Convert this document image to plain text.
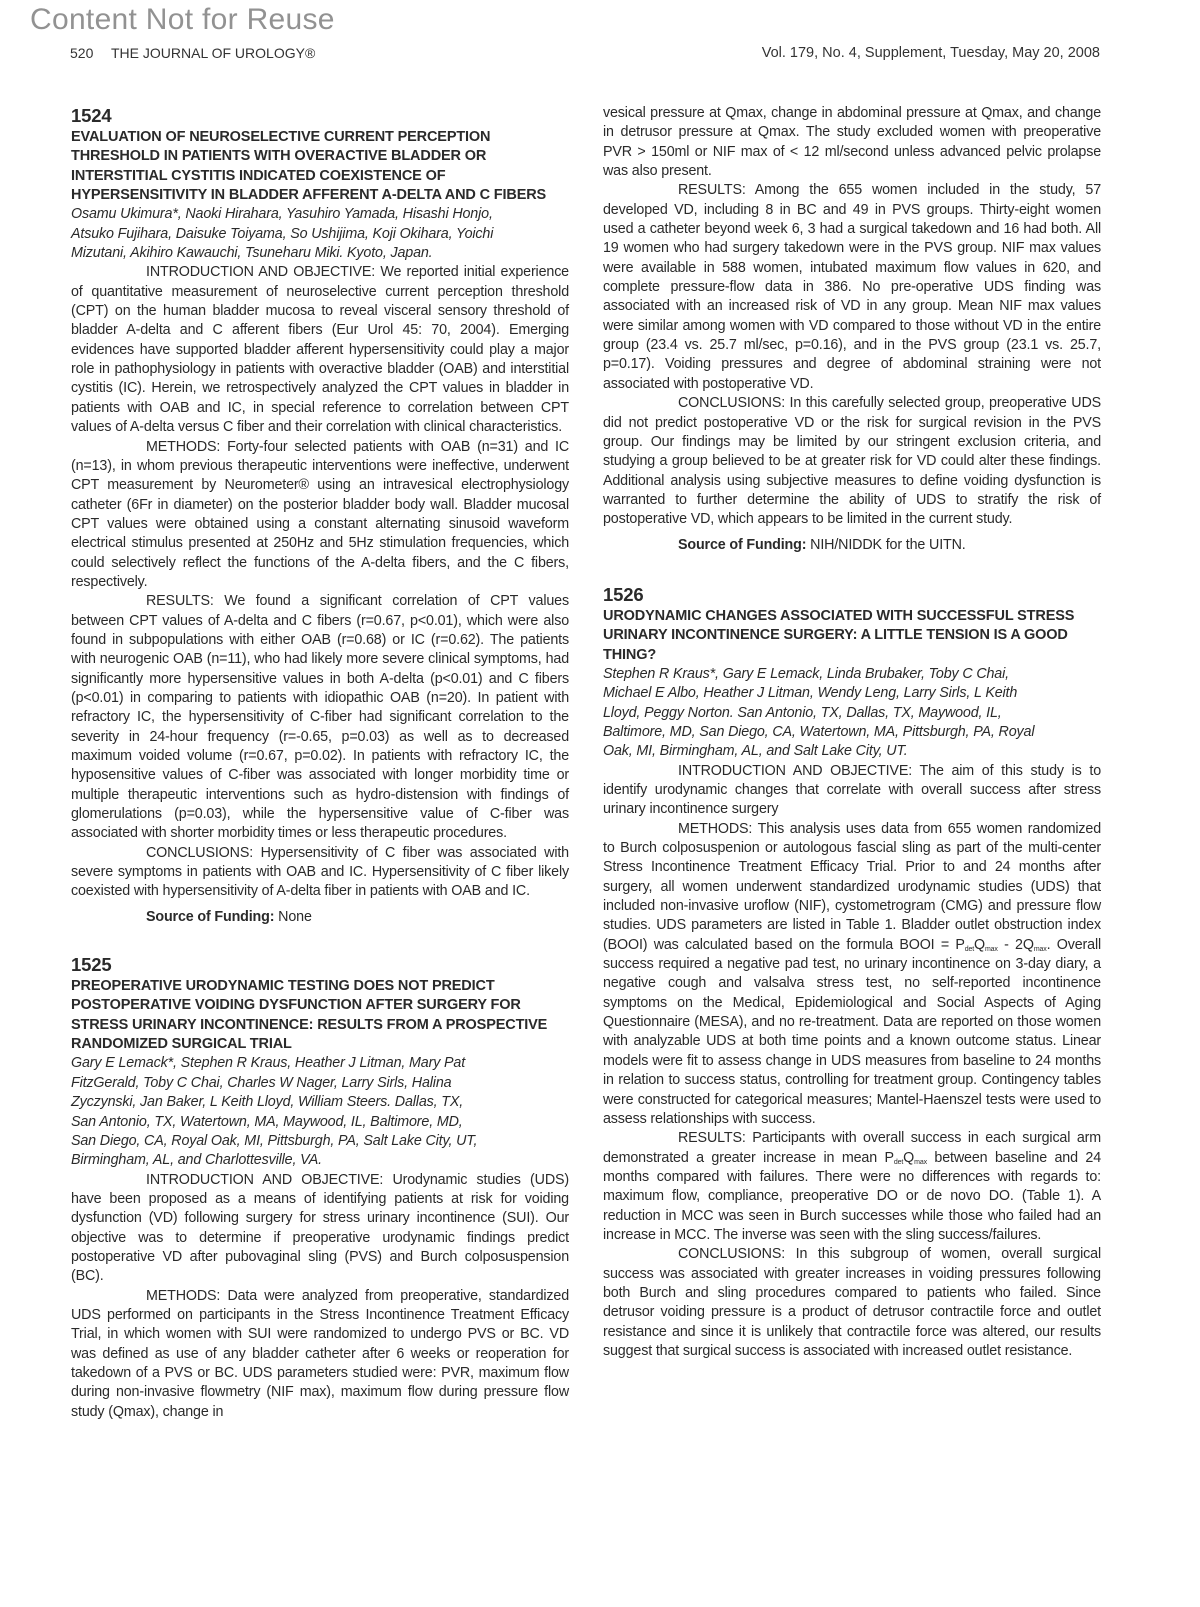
Content Not for Reuse
520 THE JOURNAL OF UROLOGY®	Vol. 179, No. 4, Supplement, Tuesday, May 20, 2008
1524
EVALUATION OF NEUROSELECTIVE CURRENT PERCEPTION THRESHOLD IN PATIENTS WITH OVERACTIVE BLADDER OR INTERSTITIAL CYSTITIS INDICATED COEXISTENCE OF HYPERSENSITIVITY IN BLADDER AFFERENT A-DELTA AND C FIBERS
Osamu Ukimura*, Naoki Hirahara, Yasuhiro Yamada, Hisashi Honjo,
Atsuko Fujihara, Daisuke Toiyama, So Ushijima, Koji Okihara, Yoichi
Mizutani, Akihiro Kawauchi, Tsuneharu Miki. Kyoto, Japan.

INTRODUCTION AND OBJECTIVE: We reported initial experience of quantitative measurement of neuroselective current perception threshold (CPT) on the human bladder mucosa to reveal visceral sensory threshold of bladder A-delta and C afferent fibers (Eur Urol 45: 70, 2004). Emerging evidences have supported bladder afferent hypersensitivity could play a major role in pathophysiology in patients with overactive bladder (OAB) and interstitial cystitis (IC). Herein, we retrospectively analyzed the CPT values in bladder in patients with OAB and IC, in special reference to correlation between CPT values of A-delta versus C fiber and their correlation with clinical characteristics.

METHODS: Forty-four selected patients with OAB (n=31) and IC (n=13), in whom previous therapeutic interventions were ineffective, underwent CPT measurement by Neurometer® using an intravesical electrophysiology catheter (6Fr in diameter) on the posterior bladder body wall. Bladder mucosal CPT values were obtained using a constant alternating sinusoid waveform electrical stimulus presented at 250Hz and 5Hz stimulation frequencies, which could selectively reflect the functions of the A-delta fibers, and the C fibers, respectively.

RESULTS: We found a significant correlation of CPT values between CPT values of A-delta and C fibers (r=0.67, p<0.01), which were also found in subpopulations with either OAB (r=0.68) or IC (r=0.62). The patients with neurogenic OAB (n=11), who had likely more severe clinical symptoms, had significantly more hypersensitive values in both A-delta (p<0.01) and C fibers (p<0.01) in comparing to patients with idiopathic OAB (n=20). In patient with refractory IC, the hypersensitivity of C-fiber had significant correlation to the severity in 24-hour frequency (r=-0.65, p=0.03) as well as to decreased maximum voided volume (r=0.67, p=0.02). In patients with refractory IC, the hyposensitive values of C-fiber was associated with longer morbidity time or multiple therapeutic interventions such as hydro-distension with findings of glomerulations (p=0.03), while the hypersensitive value of C-fiber was associated with shorter morbidity times or less therapeutic procedures.

CONCLUSIONS: Hypersensitivity of C fiber was associated with severe symptoms in patients with OAB and IC. Hypersensitivity of C fiber likely coexisted with hypersensitivity of A-delta fiber in patients with OAB and IC.

Source of Funding: None

1525
PREOPERATIVE URODYNAMIC TESTING DOES NOT PREDICT POSTOPERATIVE VOIDING DYSFUNCTION AFTER SURGERY FOR STRESS URINARY INCONTINENCE: RESULTS FROM A PROSPECTIVE RANDOMIZED SURGICAL TRIAL
Gary E Lemack*, Stephen R Kraus, Heather J Litman, Mary Pat
FitzGerald, Toby C Chai, Charles W Nager, Larry Sirls, Halina
Zyczynski, Jan Baker, L Keith Lloyd, William Steers. Dallas, TX,
San Antonio, TX, Watertown, MA, Maywood, IL, Baltimore, MD,
San Diego, CA, Royal Oak, MI, Pittsburgh, PA, Salt Lake City, UT,
Birmingham, AL, and Charlottesville, VA.

INTRODUCTION AND OBJECTIVE: Urodynamic studies (UDS) have been proposed as a means of identifying patients at risk for voiding dysfunction (VD) following surgery for stress urinary incontinence (SUI). Our objective was to determine if preoperative urodynamic findings predict postoperative VD after pubovaginal sling (PVS) and Burch colposuspension (BC).

METHODS: Data were analyzed from preoperative, standardized UDS performed on participants in the Stress Incontinence Treatment Efficacy Trial, in which women with SUI were randomized to undergo PVS or BC. VD was defined as use of any bladder catheter after 6 weeks or reoperation for takedown of a PVS or BC. UDS parameters studied were: PVR, maximum flow during non-invasive flowmetry (NIF max), maximum flow during pressure flow study (Qmax), change in

vesical pressure at Qmax, change in abdominal pressure at Qmax, and change in detrusor pressure at Qmax. The study excluded women with preoperative PVR > 150ml or NIF max of < 12 ml/second unless advanced pelvic prolapse was also present.

RESULTS: Among the 655 women included in the study, 57 developed VD, including 8 in BC and 49 in PVS groups. Thirty-eight women used a catheter beyond week 6, 3 had a surgical takedown and 16 had both. All 19 women who had surgery takedown were in the PVS group. NIF max values were available in 588 women, intubated maximum flow values in 620, and complete pressure-flow data in 386. No pre-operative UDS finding was associated with an increased risk of VD in any group. Mean NIF max values were similar among women with VD compared to those without VD in the entire group (23.4 vs. 25.7 ml/sec, p=0.16), and in the PVS group (23.1 vs. 25.7, p=0.17). Voiding pressures and degree of abdominal straining were not associated with postoperative VD.

CONCLUSIONS: In this carefully selected group, preoperative UDS did not predict postoperative VD or the risk for surgical revision in the PVS group. Our findings may be limited by our stringent exclusion criteria, and studying a group believed to be at greater risk for VD could alter these findings. Additional analysis using subjective measures to define voiding dysfunction is warranted to further determine the ability of UDS to stratify the risk of postoperative VD, which appears to be limited in the current study.

Source of Funding: NIH/NIDDK for the UITN.

1526
URODYNAMIC CHANGES ASSOCIATED WITH SUCCESSFUL STRESS URINARY INCONTINENCE SURGERY: A LITTLE TENSION IS A GOOD THING?
Stephen R Kraus*, Gary E Lemack, Linda Brubaker, Toby C Chai,
Michael E Albo, Heather J Litman, Wendy Leng, Larry Sirls, L Keith
Lloyd, Peggy Norton. San Antonio, TX, Dallas, TX, Maywood, IL,
Baltimore, MD, San Diego, CA, Watertown, MA, Pittsburgh, PA, Royal
Oak, MI, Birmingham, AL, and Salt Lake City, UT.

INTRODUCTION AND OBJECTIVE: The aim of this study is to identify urodynamic changes that correlate with overall success after stress urinary incontinence surgery

METHODS: This analysis uses data from 655 women randomized to Burch colposuspenion or autologous fascial sling as part of the multi-center Stress Incontinence Treatment Efficacy Trial. Prior to and 24 months after surgery, all women underwent standardized urodynamic studies (UDS) that included non-invasive uroflow (NIF), cystometrogram (CMG) and pressure flow studies. UDS parameters are listed in Table 1. Bladder outlet obstruction index (BOOI) was calculated based on the formula BOOI = $P_{det}Q_{max} - 2Q_{max}$. Overall success required a negative pad test, no urinary incontinence on 3-day diary, a negative cough and valsalva stress test, no self-reported incontinence symptoms on the Medical, Epidemiological and Social Aspects of Aging Questionnaire (MESA), and no re-treatment. Data are reported on those women with analyzable UDS at both time points and a known outcome status. Linear models were fit to assess change in UDS measures from baseline to 24 months in relation to success status, controlling for treatment group. Contingency tables were constructed for categorical measures; Mantel-Haenszel tests were used to assess relationships with success.

RESULTS: Participants with overall success in each surgical arm demonstrated a greater increase in mean $P_{det}Q_{max}$ between baseline and 24 months compared with failures. There were no differences with regards to: maximum flow, compliance, preoperative DO or de novo DO. (Table 1). A reduction in MCC was seen in Burch successes while those who failed had an increase in MCC. The inverse was seen with the sling success/failures.

CONCLUSIONS: In this subgroup of women, overall surgical success was associated with greater increases in voiding pressures following both Burch and sling procedures compared to patients who failed. Since detrusor voiding pressure is a product of detrusor contractile force and outlet resistance and since it is unlikely that contractile force was altered, our results suggest that surgical success is associated with increased outlet resistance.
